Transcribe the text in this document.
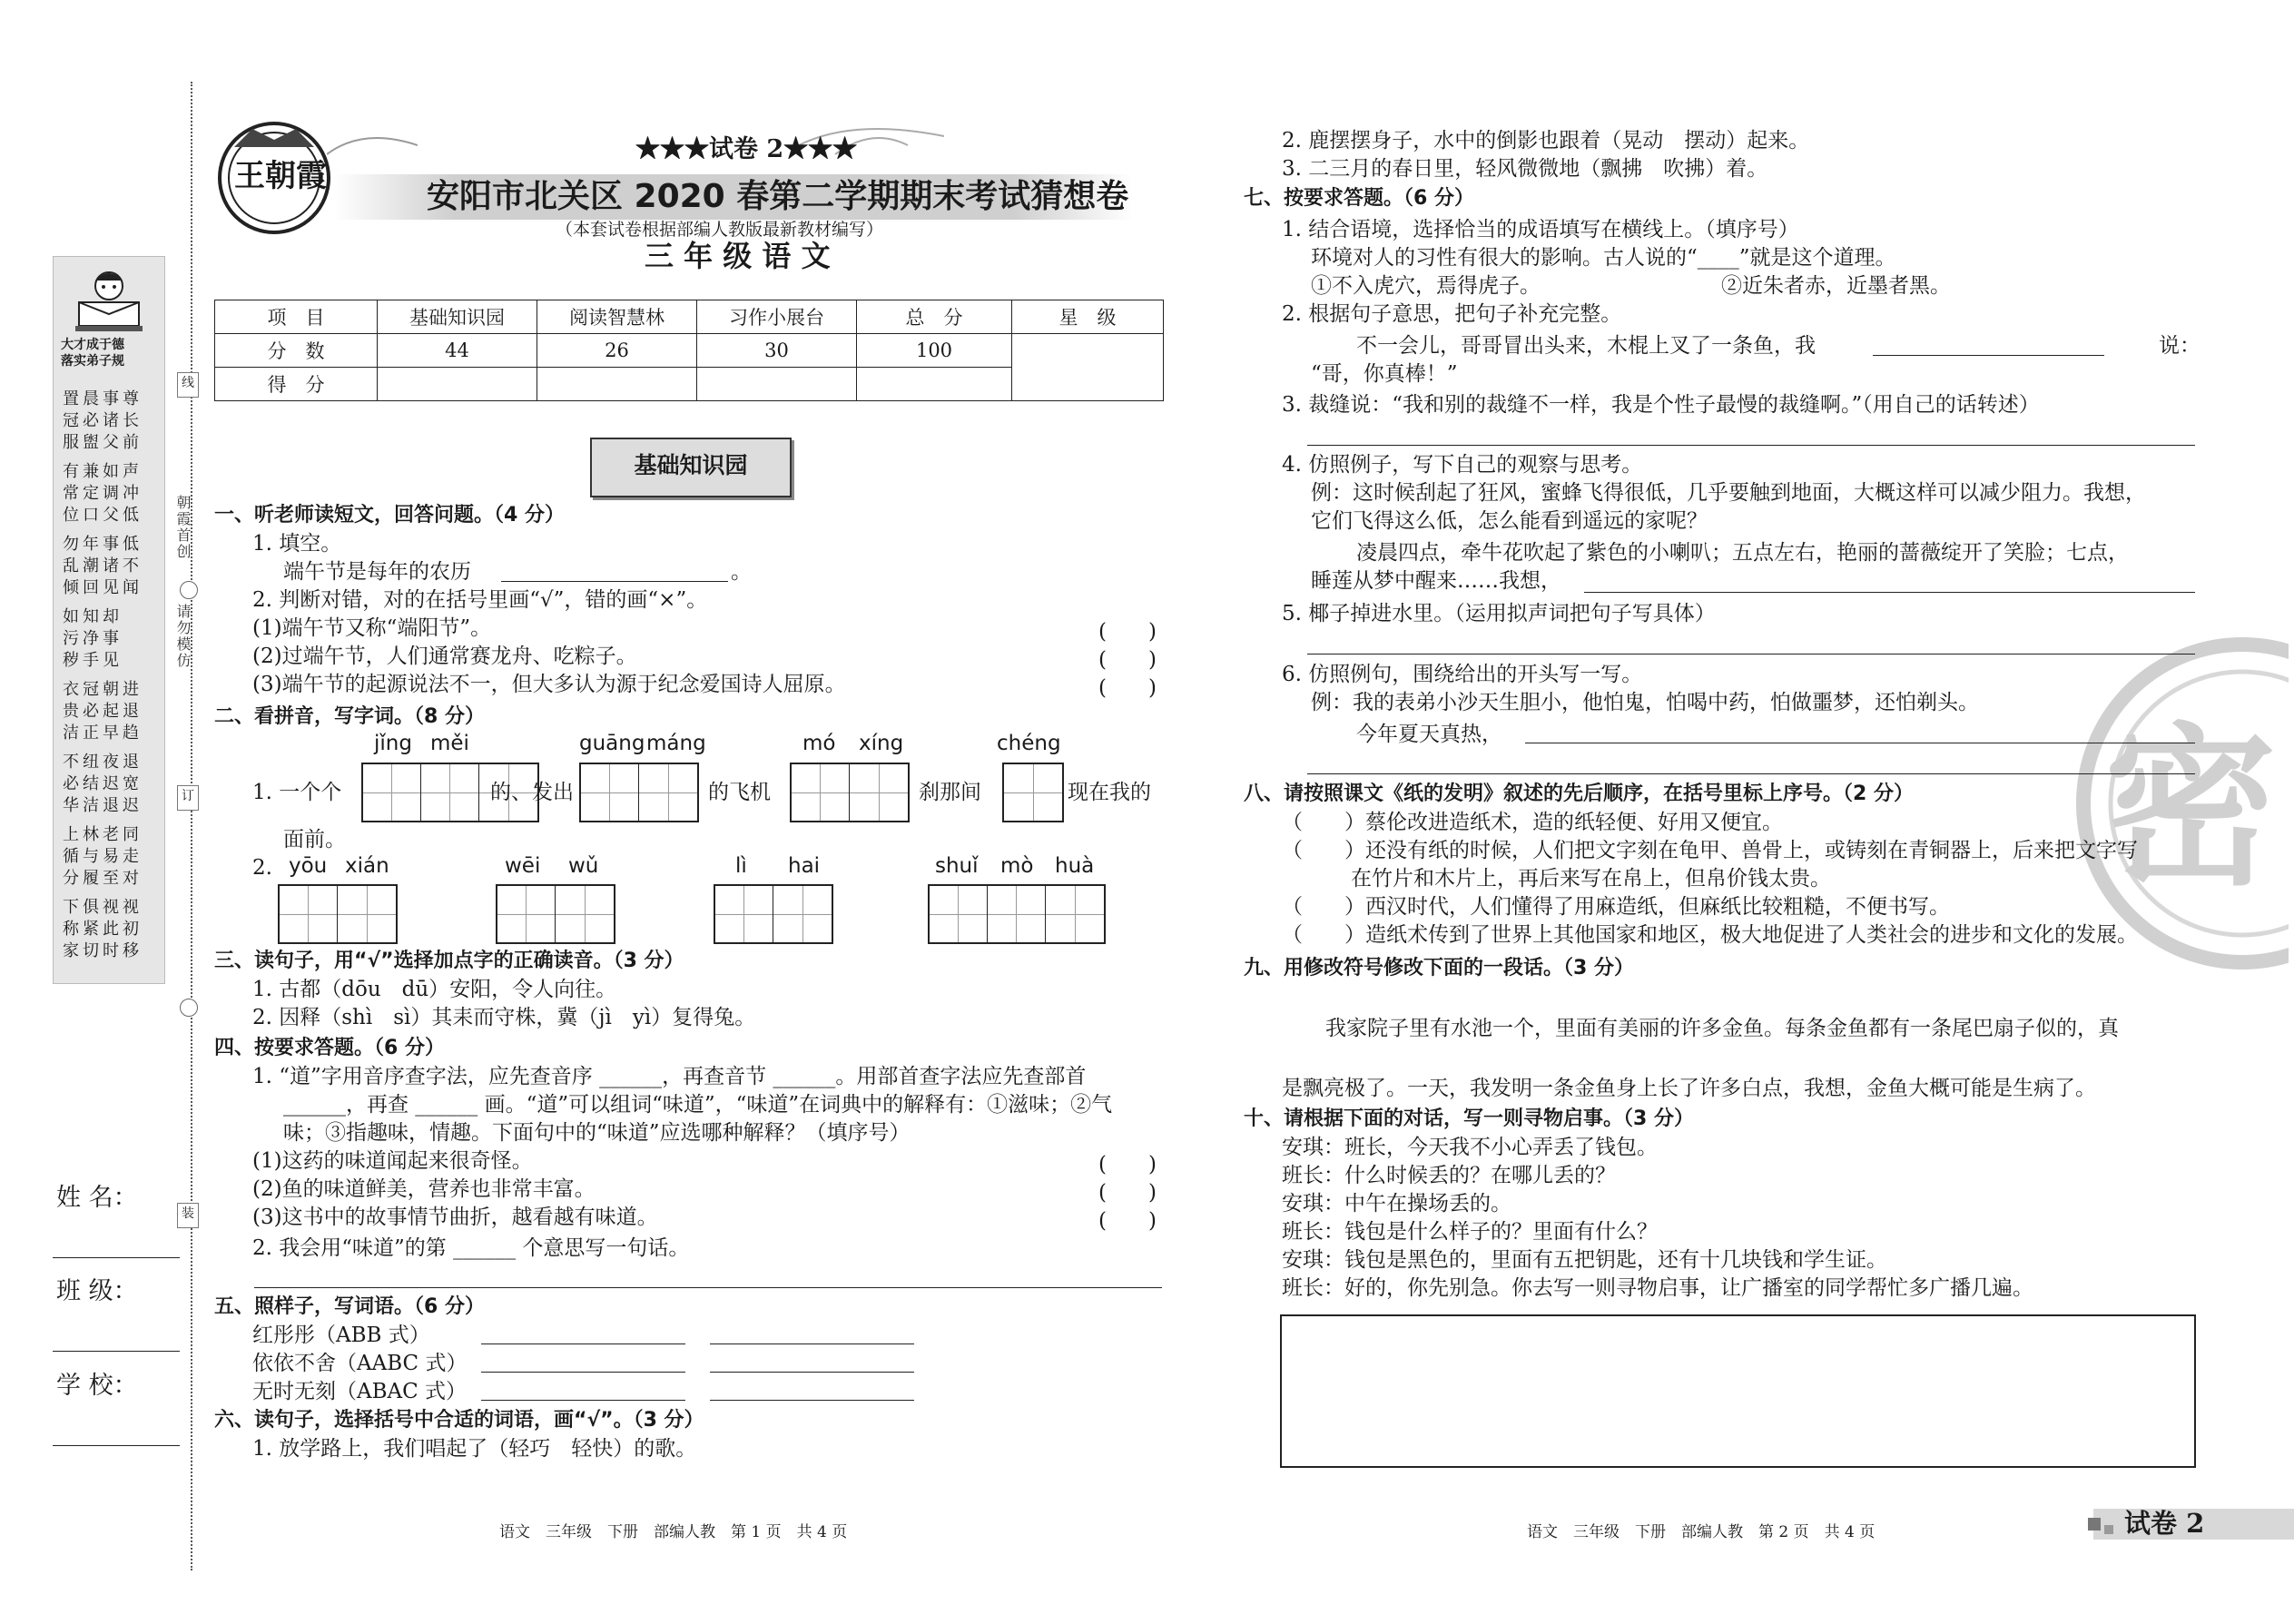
大才成于德
落实弟子规
置晨事尊
冠必诸长
服盥父前
有兼如声
常定调冲
位口父低
勿年事低
乱潮诸不
倾回见闻
如知却
污净事
秽手见
衣冠朝进
贵必起退
洁正早趋
不纽夜退
必结迟宽
华洁退迟
上林老同
循与易走
分履至对
下俱视视
称紧此初
家切时移
朝霞首创
请勿模仿
线
订
装
姓 名：
班 级：
学 校：
王朝霞
★★★试卷 2★★★
安阳市北关区 2020 春第二学期期末考试猜想卷
（本套试卷根据部编人教版最新教材编写）
三 年 级 语 文
项　目	基础知识园	阅读智慧林	习作小展台	总　分	星　级
分　数	44	26	30	100	
得　分					
基础知识园
一、听老师读短文，回答问题。（4 分）
1. 填空。
端午节是每年的农历	。
2. 判断对错，对的在括号里画“√”，错的画“×”。
(1)端午节又称“端阳节”。	(　　)
(2)过端午节，人们通常赛龙舟、吃粽子。	(　　)
(3)端午节的起源说法不一，但大多认为源于纪念爱国诗人屈原。	(　　)
二、看拼音，写字词。（8 分）
jǐng měi	guāng máng	mó xíng	chéng
1. 一个个	的、发出	的飞机	刹那间	现在我的
面前。
2. yōu xián	wēi wǔ	lì hai	shuǐ mò huà
三、读句子，用“√”选择加点字的正确读音。（3 分）
1. 古都（dōu　dū）安阳，令人向往。
2. 因释（shì　sì）其耒而守株，冀（jì　yì）复得兔。
四、按要求答题。（6 分）
1. “道”字用音序查字法，应先查音序 ______，再查音节 ______。用部首查字法应先查部首
______，再查 ______ 画。“道”可以组词“味道”，“味道”在词典中的解释有：①滋味；②气
味；③指趣味，情趣。下面句中的“味道”应选哪种解释？（填序号）
(1)这药的味道闻起来很奇怪。	(　　)
(2)鱼的味道鲜美，营养也非常丰富。	(　　)
(3)这书中的故事情节曲折，越看越有味道。	(　　)
2. 我会用“味道”的第 ______ 个意思写一句话。
五、照样子，写词语。（6 分）
红彤彤（ABB 式）
依依不舍（AABC 式）
无时无刻（ABAC 式）
六、读句子，选择括号中合适的词语，画“√”。（3 分）
1. 放学路上，我们唱起了（轻巧　轻快）的歌。
语文　三年级　下册　部编人教　第 1 页　共 4 页
密
2. 鹿摆摆身子，水中的倒影也跟着（晃动　摆动）起来。
3. 二三月的春日里，轻风微微地（飘拂　吹拂）着。
七、按要求答题。（6 分）
1. 结合语境，选择恰当的成语填写在横线上。（填序号）
环境对人的习性有很大的影响。古人说的“____”就是这个道理。
①不入虎穴，焉得虎子。	②近朱者赤，近墨者黑。
2. 根据句子意思，把句子补充完整。
不一会儿，哥哥冒出头来，木棍上叉了一条鱼，我	说：
“哥，你真棒！”
3. 裁缝说：“我和别的裁缝不一样，我是个性子最慢的裁缝啊。”（用自己的话转述）
4. 仿照例子，写下自己的观察与思考。
例：这时候刮起了狂风，蜜蜂飞得很低，几乎要触到地面，大概这样可以减少阻力。我想，
它们飞得这么低，怎么能看到遥远的家呢？
凌晨四点，牵牛花吹起了紫色的小喇叭；五点左右，艳丽的蔷薇绽开了笑脸；七点，
睡莲从梦中醒来……我想，
5. 椰子掉进水里。（运用拟声词把句子写具体）
6. 仿照例句，围绕给出的开头写一写。
例：我的表弟小沙天生胆小，他怕鬼，怕喝中药，怕做噩梦，还怕剃头。
今年夏天真热，
八、请按照课文《纸的发明》叙述的先后顺序，在括号里标上序号。（2 分）
（　　）蔡伦改进造纸术，造的纸轻便、好用又便宜。
（　　）还没有纸的时候，人们把文字刻在龟甲、兽骨上，或铸刻在青铜器上，后来把文字写
在竹片和木片上，再后来写在帛上，但帛价钱太贵。
（　　）西汉时代，人们懂得了用麻造纸，但麻纸比较粗糙，不便书写。
（　　）造纸术传到了世界上其他国家和地区，极大地促进了人类社会的进步和文化的发展。
九、用修改符号修改下面的一段话。（3 分）
我家院子里有水池一个，里面有美丽的许多金鱼。每条金鱼都有一条尾巴扇子似的，真
是飘亮极了。一天，我发明一条金鱼身上长了许多白点，我想，金鱼大概可能是生病了。
十、请根据下面的对话，写一则寻物启事。（3 分）
安琪：班长，今天我不小心弄丢了钱包。
班长：什么时候丢的？在哪儿丢的？
安琪：中午在操场丢的。
班长：钱包是什么样子的？里面有什么？
安琪：钱包是黑色的，里面有五把钥匙，还有十几块钱和学生证。
班长：好的，你先别急。你去写一则寻物启事，让广播室的同学帮忙多广播几遍。
语文　三年级　下册　部编人教　第 2 页　共 4 页	试卷 2
